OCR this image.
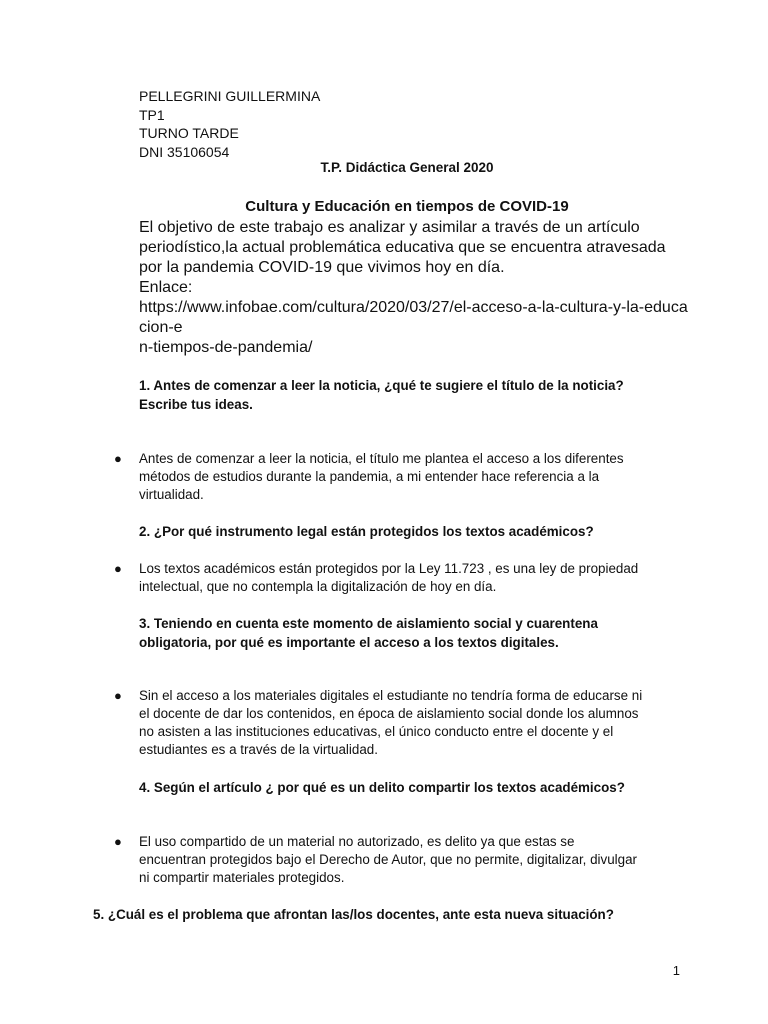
PELLEGRINI GUILLERMINA

TP1

TURNO TARDE

DNI 35106054

T.P. Didáctica General 2020

Cultura y Educación en tiempos de COVID-19

El objetivo de este trabajo es analizar y asimilar a través de un artículo

periodístico,la actual problemática educativa que se encuentra atravesada

por la pandemia COVID-19 que vivimos hoy en día.

Enlace:

https://www.infobae.com/cultura/2020/03/27/el-acceso-a-la-cultura-y-la-educa

cion-e

n-tiempos-de-pandemia/

1. Antes de comenzar a leer la noticia, ¿qué te sugiere el título de la noticia?

Escribe tus ideas.

● Antes de comenzar a leer la noticia, el título me plantea el acceso a los diferentes

métodos de estudios durante la pandemia, a mi entender hace referencia a la

virtualidad.

2. ¿Por qué instrumento legal están protegidos los textos académicos?

● Los textos académicos están protegidos por la Ley 11.723 , es una ley de propiedad

intelectual, que no contempla la digitalización de hoy en día.

3. Teniendo en cuenta este momento de aislamiento social y cuarentena

obligatoria, por qué es importante el acceso a los textos digitales.

● Sin el acceso a los materiales digitales el estudiante no tendría forma de educarse ni

el docente de dar los contenidos, en época de aislamiento social donde los alumnos

no asisten a las instituciones educativas, el único conducto entre el docente y el

estudiantes es a través de la virtualidad.

4. Según el artículo ¿ por qué es un delito compartir los textos académicos?

● El uso compartido de un material no autorizado, es delito ya que estas se

encuentran protegidos bajo el Derecho de Autor, que no permite, digitalizar, divulgar

ni compartir materiales protegidos.

5. ¿Cuál es el problema que afrontan las/los docentes, ante esta nueva situación?

1
